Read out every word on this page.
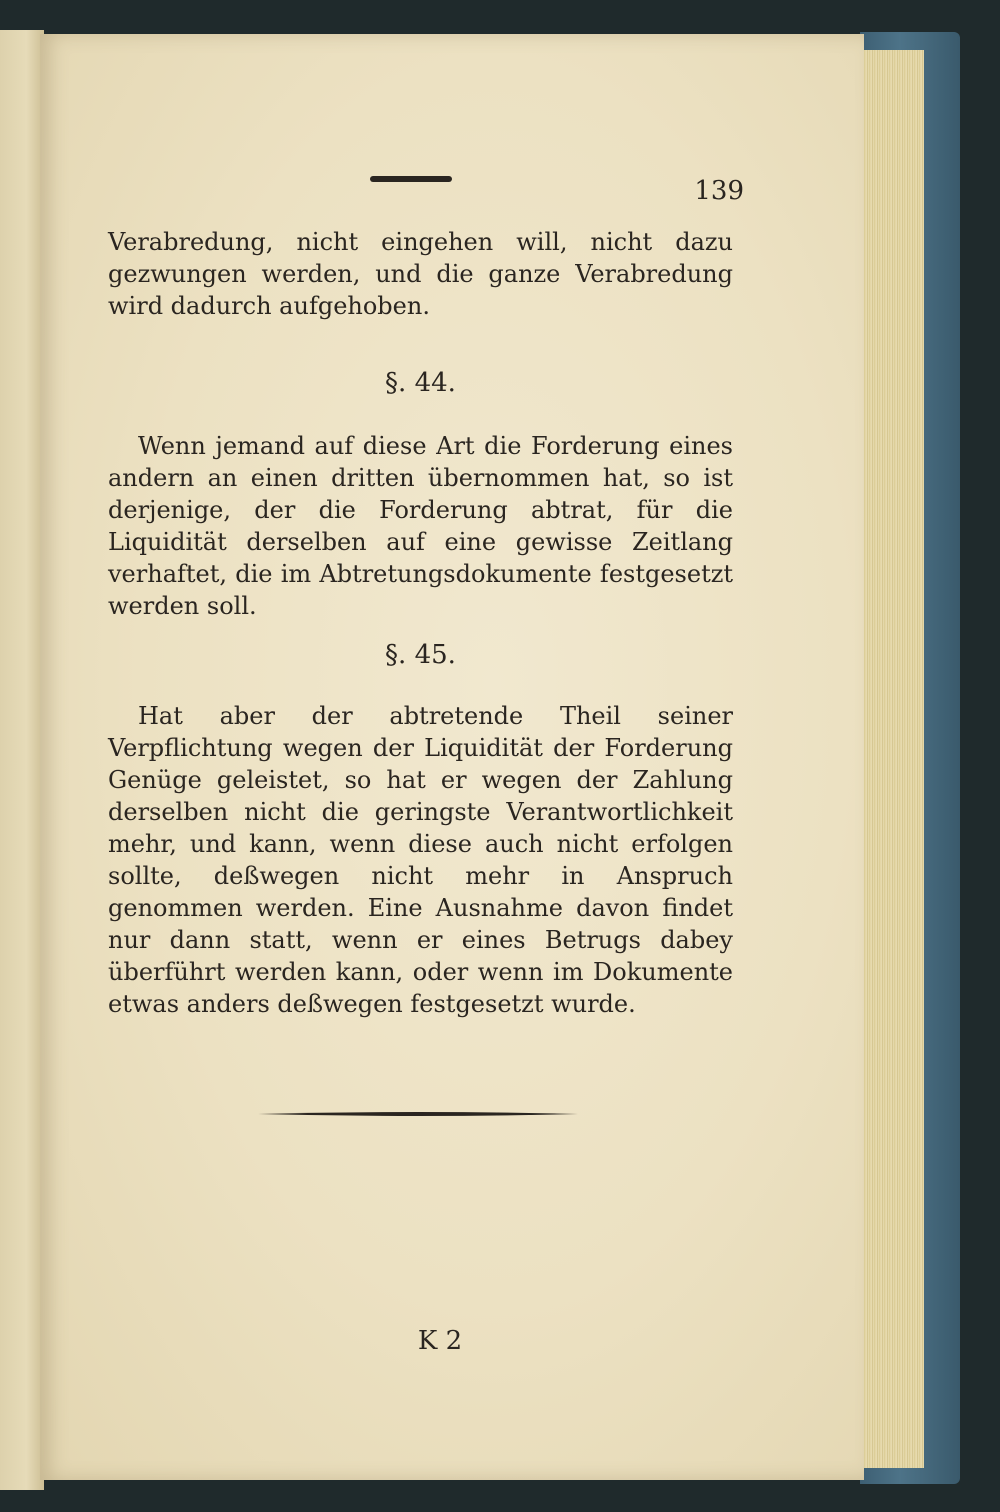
139
Verabredung, nicht eingehen will, nicht dazu gezwungen werden, und die ganze Verabredung wird dadurch aufgehoben.
§. 44.
Wenn jemand auf diese Art die Forderung eines andern an einen dritten übernommen hat, so ist derjenige, der die Forderung abtrat, für die Liquidität derselben auf eine gewisse Zeitlang verhaftet, die im Abtretungsdokumente festgesetzt werden soll.
§. 45.
Hat aber der abtretende Theil seiner Verpflichtung wegen der Liquidität der Forderung Genüge geleistet, so hat er wegen der Zahlung derselben nicht die geringste Verantwortlichkeit mehr, und kann, wenn diese auch nicht erfolgen sollte, deßwegen nicht mehr in Anspruch genommen werden. Eine Ausnahme davon findet nur dann statt, wenn er eines Betrugs dabey überführt werden kann, oder wenn im Dokumente etwas anders deßwegen festgesetzt wurde.
K 2
